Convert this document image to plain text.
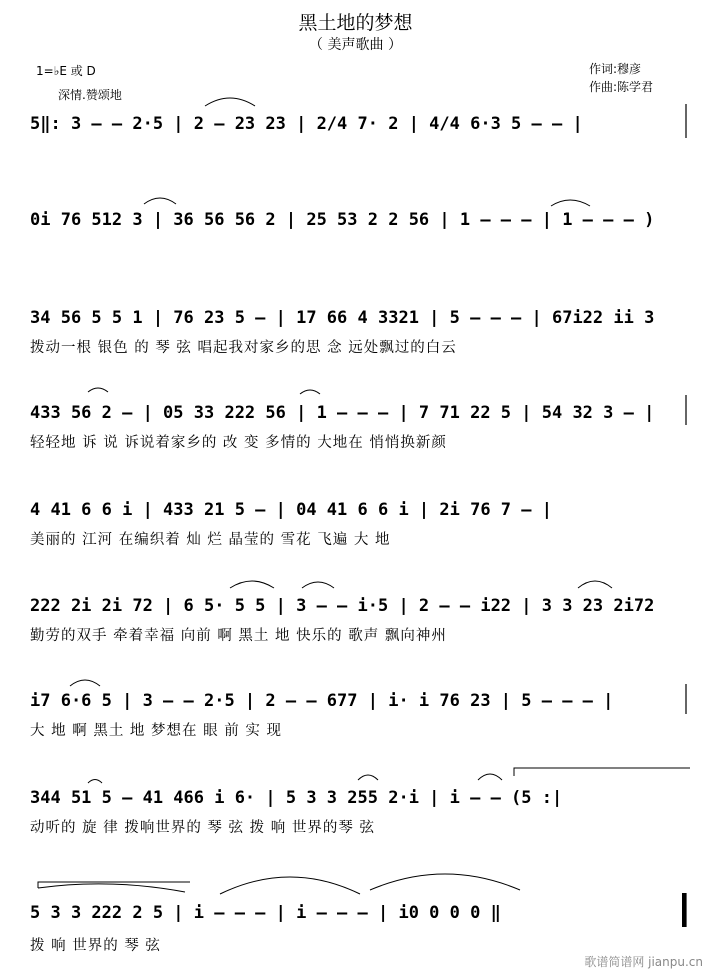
黑土地的梦想
（ 美声歌曲 ）
1=♭E 或 D
深情.赞颂地
作词:穆彦
作曲:陈学君
5‖: 3 – – 2·5 | 2 – 23 23 | 2/4 7· 2 | 4/4 6·3 5 – – |
0i 76 512 3 | 36 56 56 2 | 25 53 2 2 56 | 1 – – – | 1 – – – )
34 56 5 5 1 | 76 23 5 – | 17 66 4 3321 | 5 – – – | 67i22 ii 3
拨动一根 银色 的 琴 弦 唱起我对家乡的思 念 远处飘过的白云
433 56 2 – | 05 33 222 56 | 1 – – – | 7 71 22 5 | 54 32 3 – |
轻轻地 诉 说 诉说着家乡的 改 变 多情的 大地在 悄悄换新颜
4 41 6 6 i | 433 21 5 – | 04 41 6 6 i | 2i 76 7 – |
美丽的 江河 在编织着 灿 烂 晶莹的 雪花 飞遍 大 地
222 2i 2i 72 | 6 5· 5 5 | 3 – – i·5 | 2 – – i22 | 3 3 23 2i72
勤劳的双手 牵着幸福 向前 啊 黑土 地 快乐的 歌声 飘向神州
i7 6·6 5 | 3 – – 2·5 | 2 – – 677 | i· i 76 23 | 5 – – – |
大 地 啊 黑土 地 梦想在 眼 前 实 现
344 51 5 – 41 466 i 6· | 5 3 3 255 2·i | i – – (5 :|
动听的 旋 律 拨响世界的 琴 弦 拨 响 世界的琴 弦
5 3 3 222 2 5 | i – – – | i – – – | i0 0 0 0 ‖
拨 响 世界的 琴 弦
歌谱简谱网 jianpu.cn
